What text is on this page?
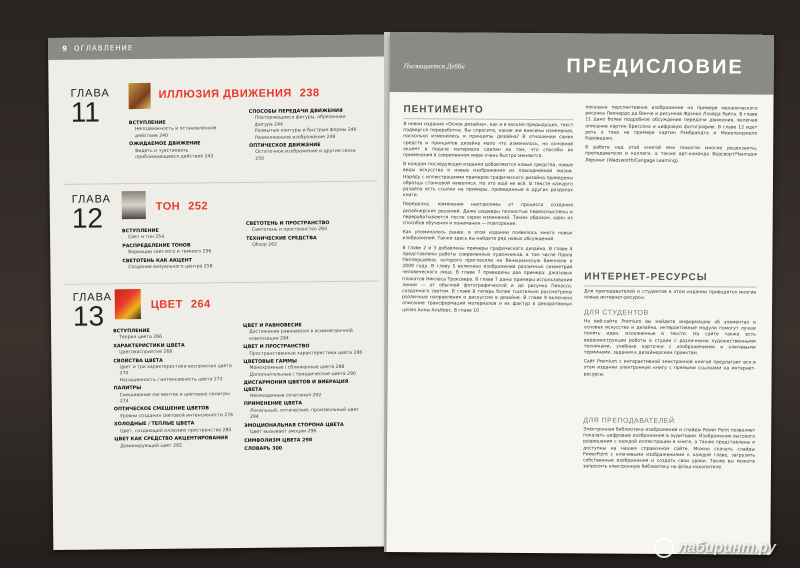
9 ОГЛАВЛЕНИЕ
ГЛАВА
11
ИЛЛЮЗИЯ ДВИЖЕНИЯ 238
ВСТУПЛЕНИЕ
Неподвижность и остановленное действие 240
ОЖИДАЕМОЕ ДВИЖЕНИЕ
Видеть и чувствовать приближающееся действие 242
СПОСОБЫ ПЕРЕДАЧИ ДВИЖЕНИЯ
Повторяющиеся фигуры, обрезанная фигура 244
Размытые контуры и быстрые формы 246
Размноженное изображение 248
ОПТИЧЕСКОЕ ДВИЖЕНИЕ
Остаточное изображение и другие связи 250
ГЛАВА
12	ТОН 252
ВСТУПЛЕНИЕ
Свет и тон 254
РАСПРЕДЕЛЕНИЕ ТОНОВ
Вариации светлого и темного 256
СВЕТОТЕНЬ КАК АКЦЕНТ
Создание визуального центра 258
СВЕТОТЕНЬ И ПРОСТРАНСТВО
Светотень и пространство 260
ТЕХНИЧЕСКИЕ СРЕДСТВА
Обзор 262
ГЛАВА
13	ЦВЕТ 264
ВСТУПЛЕНИЕ
Теория цвета 266
ХАРАКТЕРИСТИКИ ЦВЕТА
Цветовосприятие 268
СВОЙСТВА ЦВЕТА
Цвет и три характеристики восприятия цвета 270
Насыщенность / интенсивность цвета 272
ПАЛИТРЫ
Смешивание пигментов и цветовые палитры 274
ОПТИЧЕСКОЕ СМЕШЕНИЕ ЦВЕТОВ
Уровни создания световой интенсивности 276
ХОЛОДНЫЕ / ТЕПЛЫЕ ЦВЕТА
Цвет, создающий иллюзию пространства 280
ЦВЕТ КАК СРЕДСТВО АКЦЕНТИРОВАНИЯ
Доминирующий цвет 282
ЦВЕТ И РАВНОВЕСИЕ
Достижение равновесия в асимметричной композиции 284
ЦВЕТ И ПРОСТРАНСТВО
Пространственные характеристики цвета 286
ЦВЕТОВЫЕ ГАММЫ
Монохромные / сближенные цвета 288
Дополнительные / триадические цвета 290
ДИСГАРМОНИЯ ЦВЕТОВ И ВИБРАЦИЯ ЦВЕТА
Неожиданные сочетания 292
ПРИМЕНЕНИЕ ЦВЕТА
Локальный, оптический, произвольный цвет 294
ЭМОЦИОНАЛЬНАЯ СТОРОНА ЦВЕТА
Цвет вызывает эмоции 296
СИМВОЛИЗМ ЦВЕТА 298
СЛОВАРЬ 300
Посвящается Дебби	ПРЕДИСЛОВИЕ
ПЕНТИМЕНТО
В новом издании «Основ дизайна», как и в восьми предыдущих, текст подвергся переработке. Вы спросите, какие же внесены изменения, насколько изменились и принципы дизайна? В отношении самих средств и принципов дизайна мало что изменилось, но основной акцент в подаче материала сделан на том, что способы их применения в современном мире очень быстро меняются.
В каждом последующем издании добавляются новые средства, новые виды искусства и новые изображения из повседневной жизни. Наряду с иллюстрациями примеров графического дизайна приведены образцы станковой живописи. Но это ещё не всё. В тексте каждого раздела есть ссылки на примеры, приведенные в других разделах книги.
Переделка, изменения неотделимы от процесса создания дизайнерских решений. Даже шедевры полностью переосмыслены и перерабатываются после серии изменений. Таким образом, один из способов обучения и понимания — повторение.
Как упоминалось ранее, в этом издании появилось много новых изображений. Также здесь вы найдете ряд новых обсуждений.
В главе 2 и 3 добавлены примеры графического дизайна. В главе 4 представлены работы современных художников, в том числе Павла Пеппершейна, которого пригласили на Венецианскую биеннале в 2009 году. В главу 5 включено изображение различных симметрий человеческого лица. В главе 7 приведены два примера: джазовых плакатов Никласа Троксвера. В главе 7 даны примеры использования линии — от обычной фотографической и до рисунка Пикассо, созданного светом. В главе 8 теперь более тщательно рассмотрены различные направления и дискуссии в дизайне. В главе 9 включено описание трансформаций материалов и их фактур в декоративных целях Анны Альберс. В главе 10
показано перспективное изображение на примере механического рисунка Леонардо да Винчи и рисунков Фрэнка Ллойда Райта. В главе 11 дано более подробное обсуждение передачи движения, включая описание картин Бриссона и цифровую фотографию. В главе 12 идет речь о тоне на примере картин Рэмбрандта и Микеланджело Караваджо.
В работе над этой книгой мне помогли многие рецензенты, преподаватели и коллеги, а также арт-команда Вадсворт/Ченгедж Лёрнинг (Wadsworth/Cengage Learning).
ИНТЕРНЕТ-РЕСУРСЫ
Для преподавателей и студентов в этом издании приводятся многие новые интернет-ресурсы.
ДЛЯ СТУДЕНТОВ
На веб-сайте Premium вы найдете информацию об элементах и основах искусства и дизайна, интерактивные модули помогут лучше понять идеи, изложенные в тексте. На сайте также есть видеоинструкции работы в студии с различными художественными техниками, учебные карточки с изображениями и ключевыми терминами, задания к дизайнерским проектам.
Сайт Premium с интерактивной электронной книгой предлагает вся в этом издании электронную книгу с прямыми ссылками на интернет-ресурсы.
ДЛЯ ПРЕПОДАВАТЕЛЕЙ
Электронная библиотека изображений и слайды Power Point позволяет показать цифровые изображения в аудитории. Изображения высокого разрешения с каждой иллюстрации в книге, а также представлены и доступны на нашем справочном сайте. Можно скачать слайды PowerPoint с ключевыми изображениями к каждой главе, загрузить собственные изображения и создать свои уроки. Также вы можете запросить электронную библиотеку на флэш-накопителе.
лабиринт.ру
